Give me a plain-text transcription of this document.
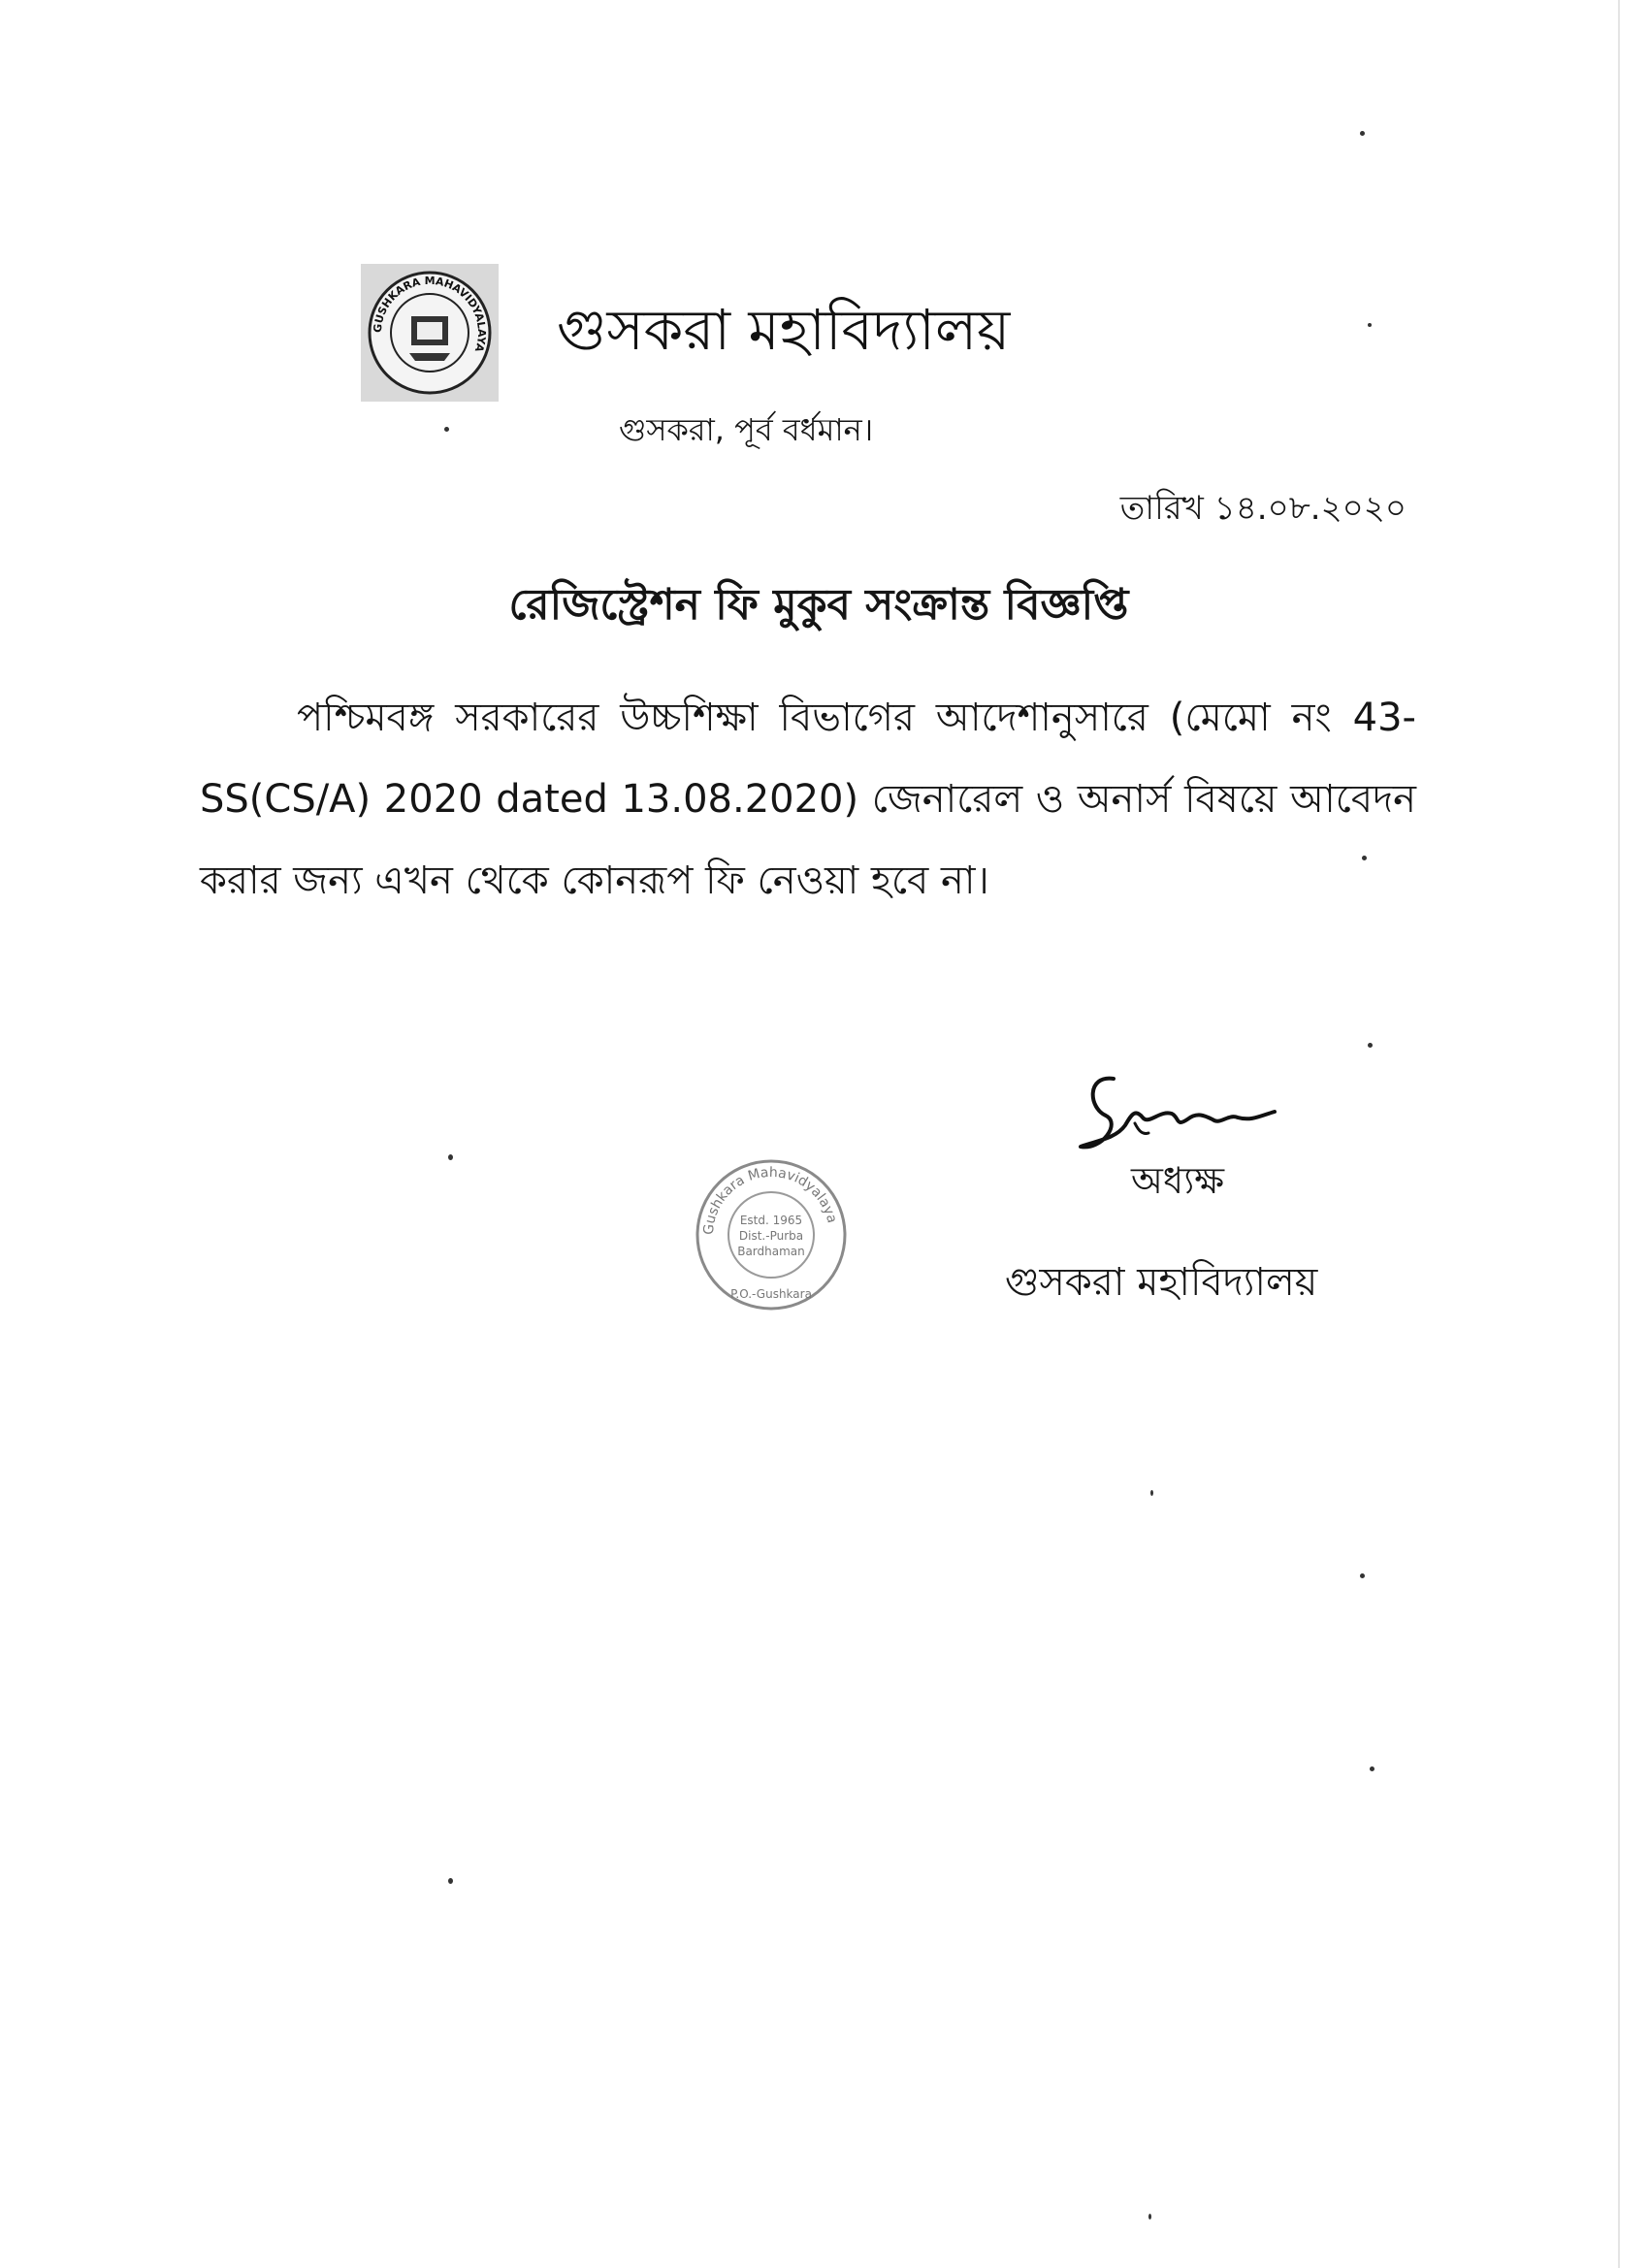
GUSHKARA MAHAVIDYALAYA গুসকরা মহাবিদ্যালয়
গুসকরা, পূর্ব বর্ধমান।
তারিখ ১৪.০৮.২০২০
রেজিস্ট্রেশন ফি মুকুব সংক্রান্ত বিজ্ঞপ্তি
পশ্চিমবঙ্গ সরকারের উচ্চশিক্ষা বিভাগের আদেশানুসারে (মেমো নং 43-SS(CS/A) 2020 dated 13.08.2020) জেনারেল ও অনার্স বিষয়ে আবেদন করার জন্য এখন থেকে কোনরূপ ফি নেওয়া হবে না।
Gushkara Mahavidyalaya
Estd. 1965
Dist.-Purba
Bardhaman
P.O.-Gushkara
অধ্যক্ষ
গুসকরা মহাবিদ্যালয়
